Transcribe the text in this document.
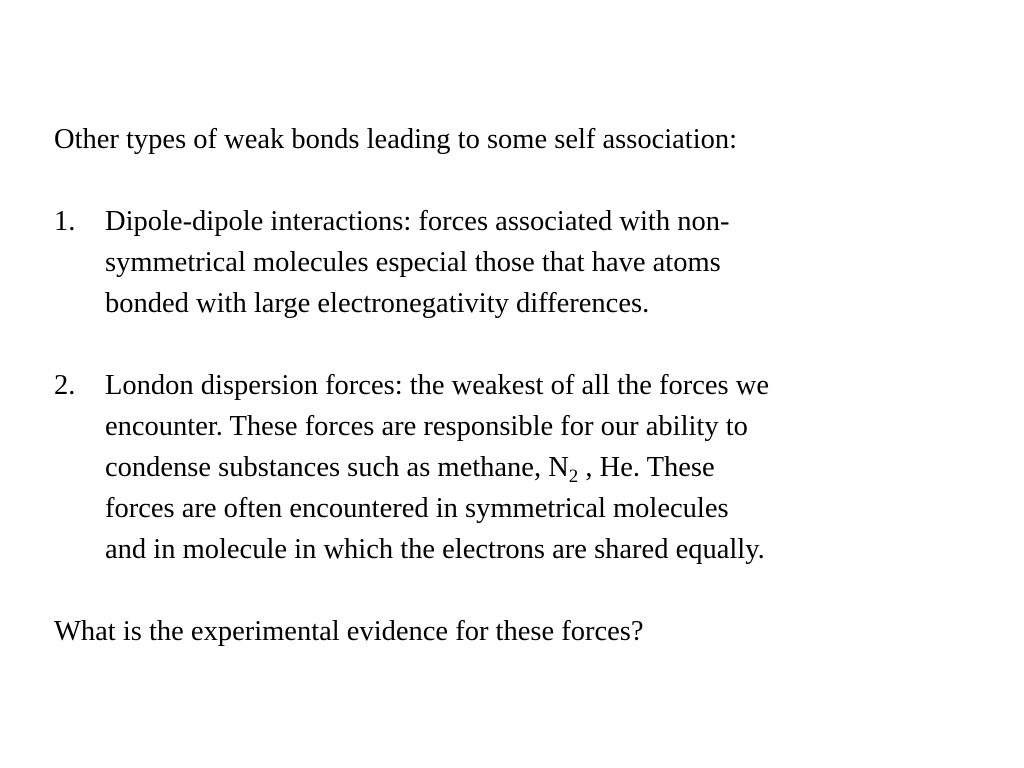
Other types of weak bonds leading to some self association:
1. Dipole-dipole interactions: forces associated with non-
symmetrical molecules especial those that have atoms
bonded with large electronegativity differences.
2. London dispersion forces: the weakest of all the forces we
encounter. These forces are responsible for our ability to
condense substances such as methane, $N_2$ , He. These
forces are often encountered in symmetrical molecules
and in molecule in which the electrons are shared equally.
What is the experimental evidence for these forces?
